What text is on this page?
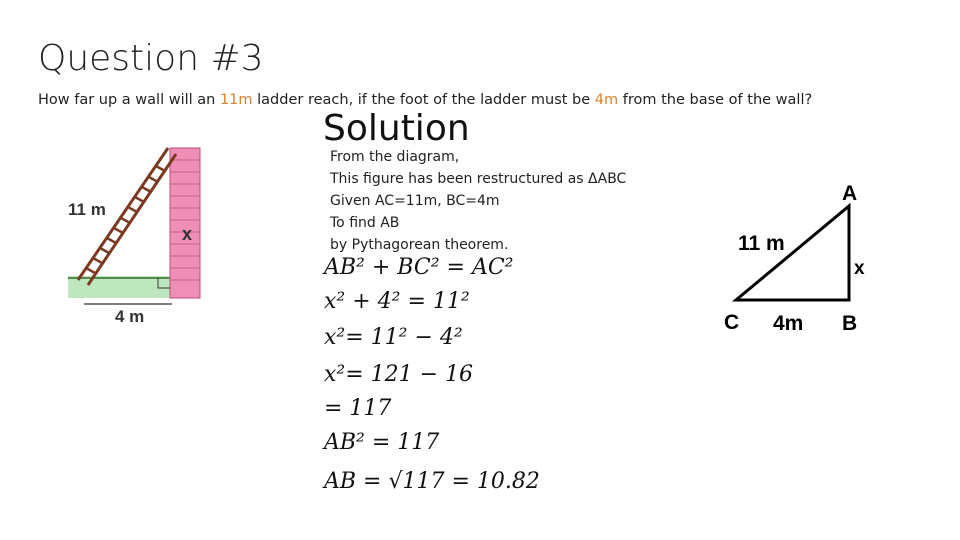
Question #3
How far up a wall will an 11m ladder reach, if the foot of the ladder must be 4m from the base of the wall?
4 m
11 m
x
Solution
From the diagram,
This figure has been restructured as ΔABC
Given AC=11m, BC=4m
To find AB
by Pythagorean theorem.
AB² + BC² = AC²
x² + 4² = 11²
x²= 11² − 4²
x²= 121 − 16
= 117
AB² = 117
AB = √117 = 10.82
A
B
C
11 m
x
4m
